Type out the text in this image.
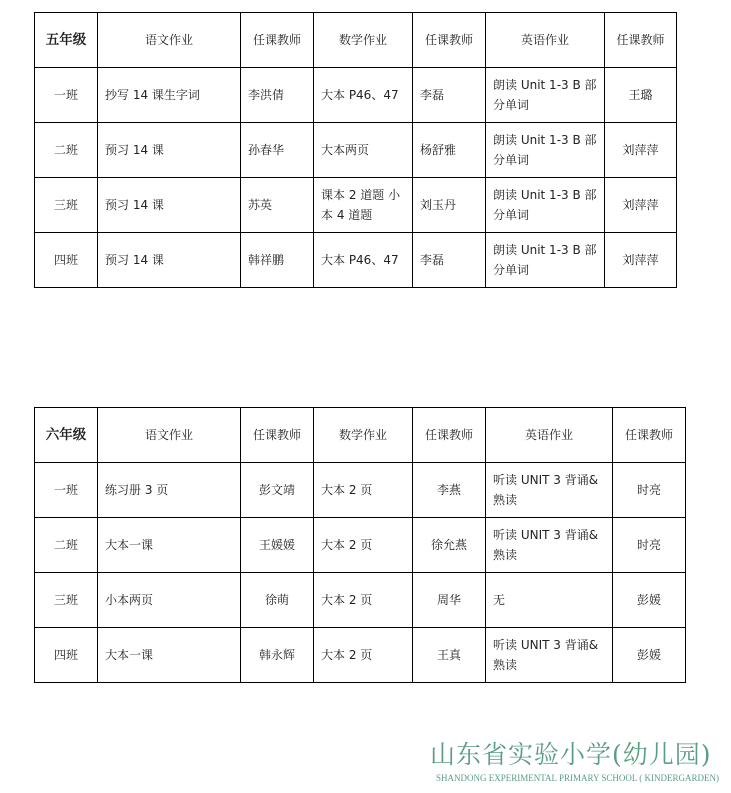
五年级	语文作业	任课教师	数学作业	任课教师	英语作业	任课教师
一班	抄写 14 课生字词	李洪倩	大本 P46、47	李磊	朗读 Unit 1-3 B 部分单词	王璐
二班	预习 14 课	孙春华	大本两页	杨舒雅	朗读 Unit 1-3 B 部分单词	刘萍萍
三班	预习 14 课	苏英	课本 2 道题 小本 4 道题	刘玉丹	朗读 Unit 1-3 B 部分单词	刘萍萍
四班	预习 14 课	韩祥鹏	大本 P46、47	李磊	朗读 Unit 1-3 B 部分单词	刘萍萍
六年级	语文作业	任课教师	数学作业	任课教师	英语作业	任课教师
一班	练习册 3 页	彭文靖	大本 2 页	李燕	听读 UNIT 3 背诵&熟读	时亮
二班	大本一课	王媛媛	大本 2 页	徐允燕	听读 UNIT 3 背诵&熟读	时亮
三班	小本两页	徐萌	大本 2 页	周华	无	彭媛
四班	大本一课	韩永辉	大本 2 页	王真	听读 UNIT 3 背诵&熟读	彭媛
山东省实验小学(幼儿园)
SHANDONG EXPERIMENTAL PRIMARY SCHOOL ( KINDERGARDEN)
